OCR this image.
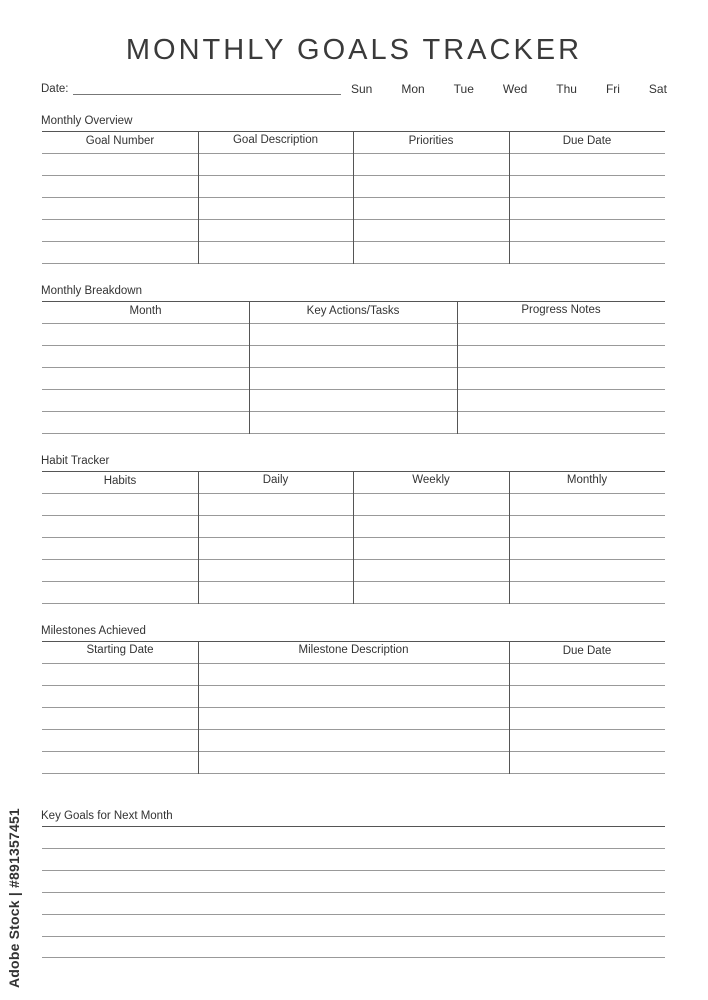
MONTHLY GOALS TRACKER
Date:	Sun Mon Tue Wed Thu Fri Sat
Monthly Overview
Goal Number	Goal Description	Priorities	Due Date
Monthly Breakdown
Month	Key Actions/Tasks	Progress Notes
Habit Tracker
Habits	Daily	Weekly	Monthly
Milestones Achieved
Starting Date	Milestone Description	Due Date
Key Goals for Next Month
Adobe Stock | #891357451
